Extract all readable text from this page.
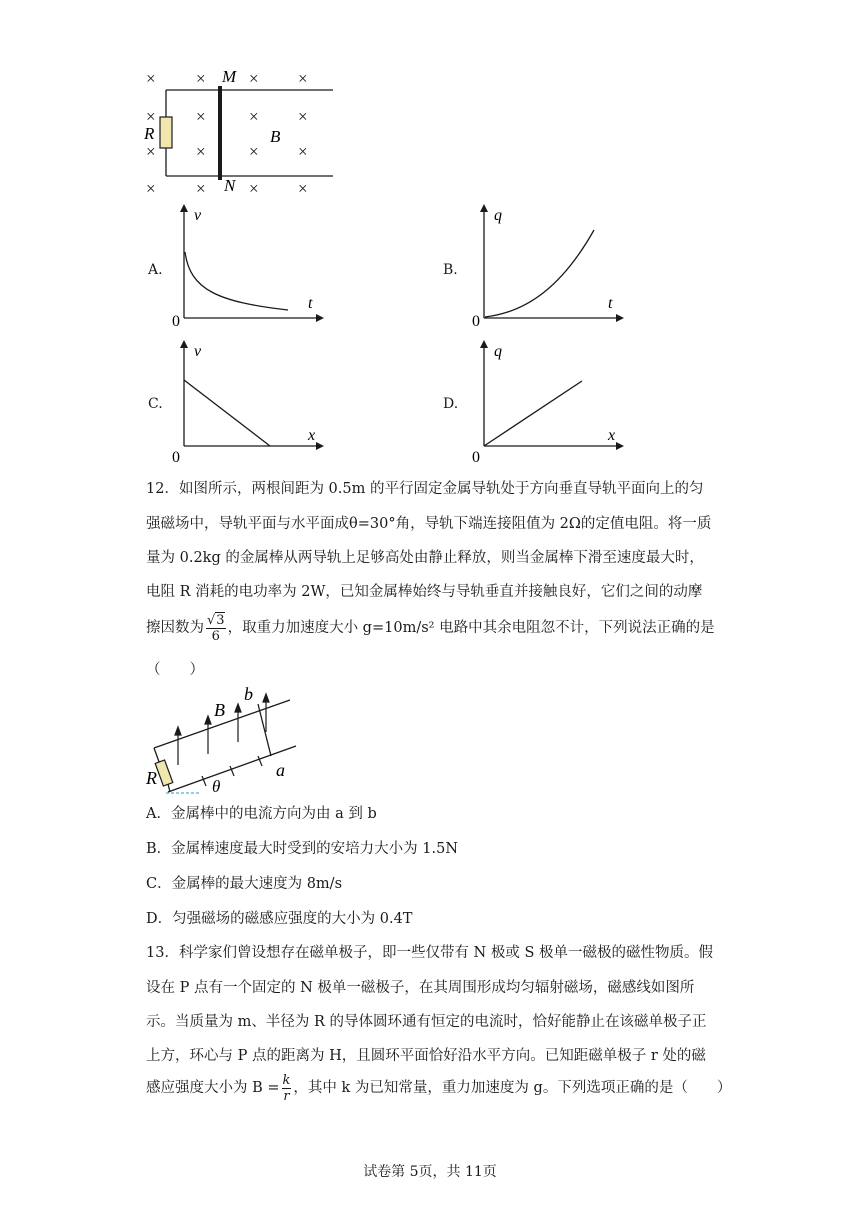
× ×	× ×
× ×	× ×
× ×	× ×
× ×	× ×
M
N
R	B
A.
v
t
0
B.
q
t
0
C.
v
x
0
D.
q
x
0
12．如图所示，两根间距为 0.5m 的平行固定金属导轨处于方向垂直导轨平面向上的匀
强磁场中，导轨平面与水平面成θ=30°角，导轨下端连接阻值为 2Ω的定值电阻。将一质
量为 0.2kg 的金属棒从两导轨上足够高处由静止释放，则当金属棒下滑至速度最大时，
电阻 R 消耗的电功率为 2W，已知金属棒始终与导轨垂直并接触良好，它们之间的动摩
擦因数为 $\frac{√3}{6}$ ，取重力加速度大小 g=10m/s² 电路中其余电阻忽不计，下列说法正确的是
（　　）
B
b
a
R	θ
A．金属棒中的电流方向为由 a 到 b
B．金属棒速度最大时受到的安培力大小为 1.5N
C．金属棒的最大速度为 8m/s
D．匀强磁场的磁感应强度的大小为 0.4T
13．科学家们曾设想存在磁单极子，即一些仅带有 N 极或 S 极单一磁极的磁性物质。假
设在 P 点有一个固定的 N 极单一磁极子，在其周围形成均匀辐射磁场，磁感线如图所
示。当质量为 m、半径为 R 的导体圆环通有恒定的电流时，恰好能静止在该磁单极子正
上方，环心与 P 点的距离为 H，且圆环平面恰好沿水平方向。已知距磁单极子 r 处的磁
感应强度大小为 $B = \frac{k}{r}$ ，其中 k 为已知常量，重力加速度为 g。下列选项正确的是（　　）
试卷第 5页，共 11页
